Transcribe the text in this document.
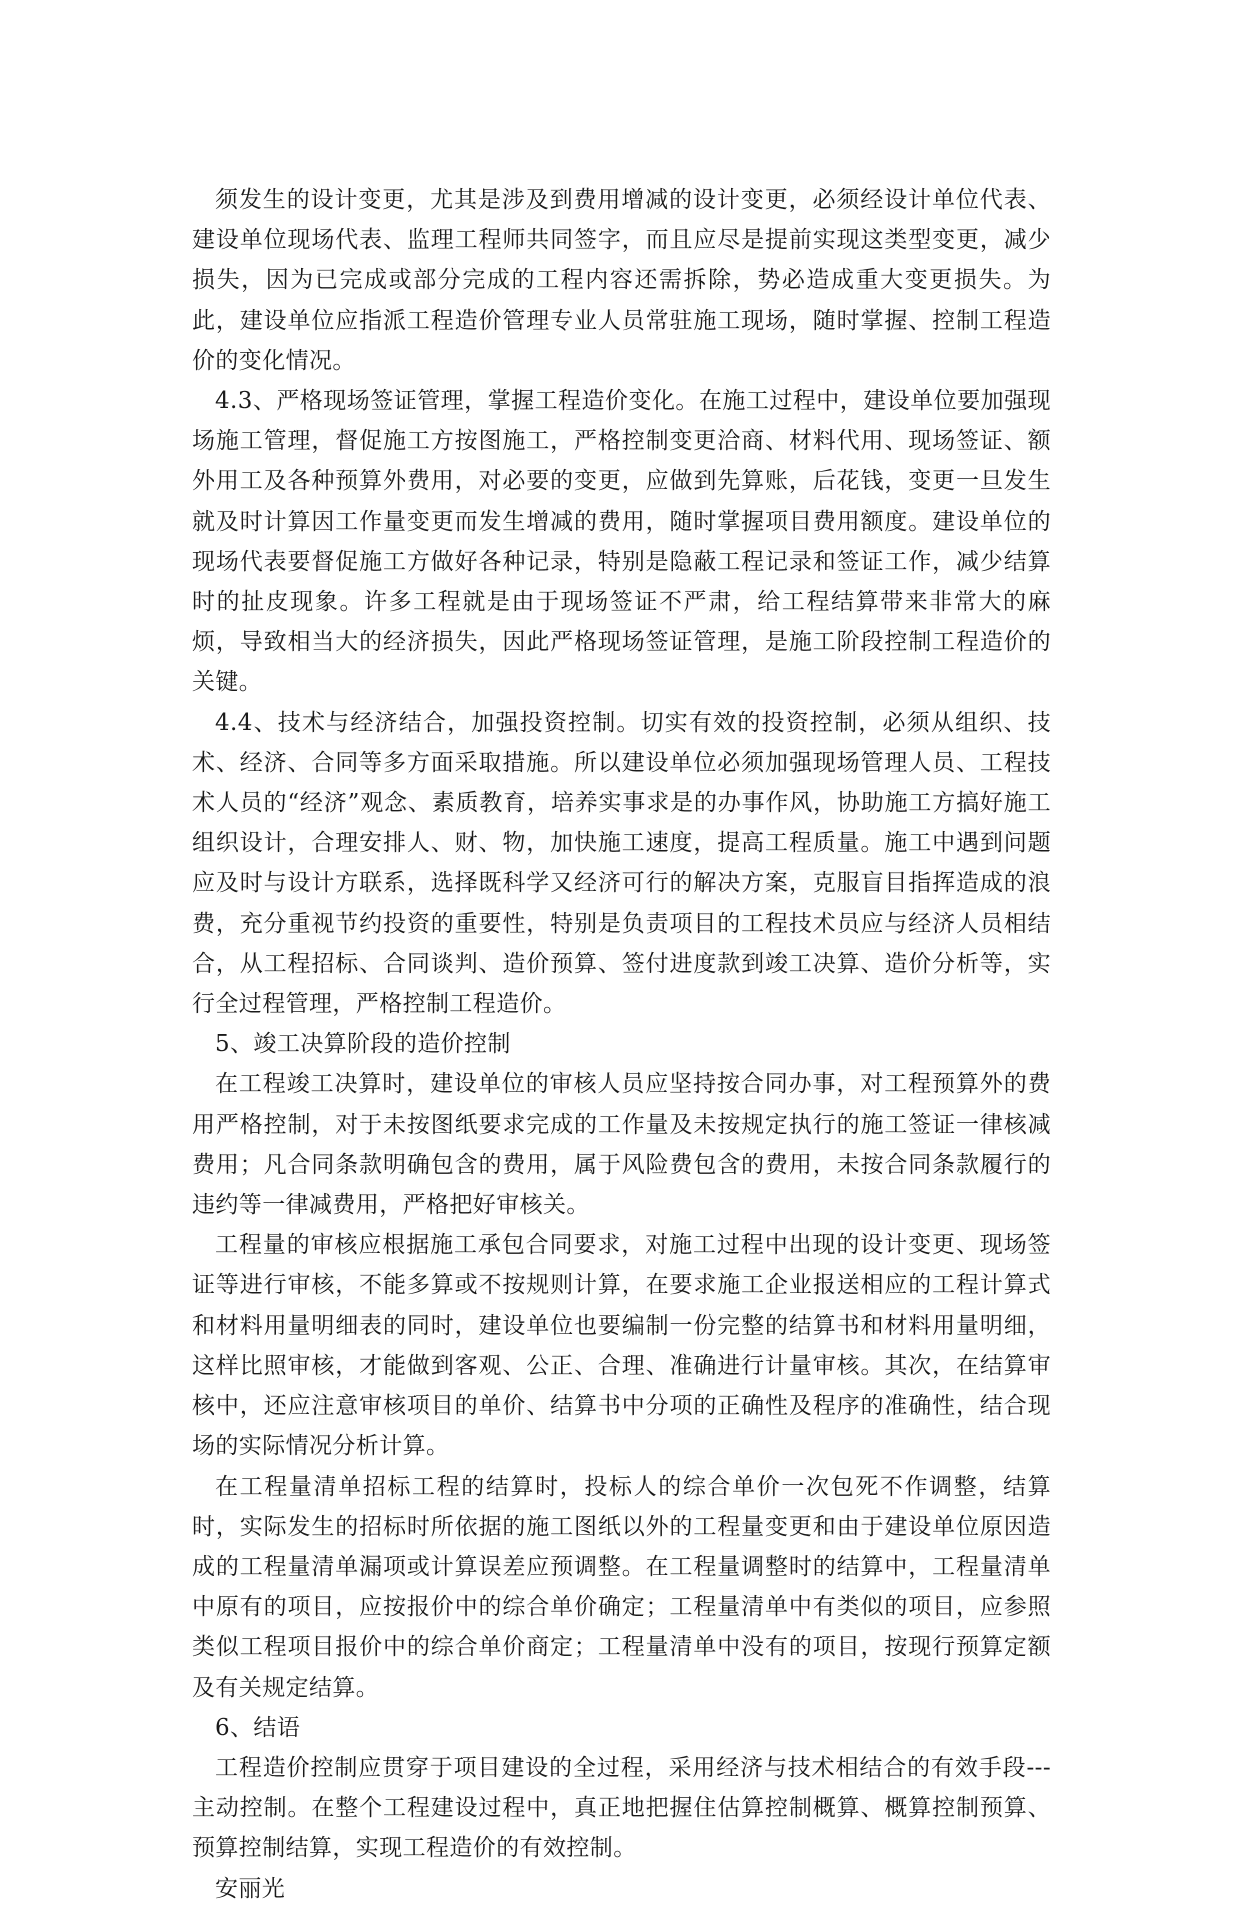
须发生的设计变更，尤其是涉及到费用增减的设计变更，必须经设计单位代表、建设单位现场代表、监理工程师共同签字，而且应尽是提前实现这类型变更，减少损失，因为已完成或部分完成的工程内容还需拆除，势必造成重大变更损失。为此，建设单位应指派工程造价管理专业人员常驻施工现场，随时掌握、控制工程造价的变化情况。

4.3、严格现场签证管理，掌握工程造价变化。在施工过程中，建设单位要加强现场施工管理，督促施工方按图施工，严格控制变更洽商、材料代用、现场签证、额外用工及各种预算外费用，对必要的变更，应做到先算账，后花钱，变更一旦发生就及时计算因工作量变更而发生增减的费用，随时掌握项目费用额度。建设单位的现场代表要督促施工方做好各种记录，特别是隐蔽工程记录和签证工作，减少结算时的扯皮现象。许多工程就是由于现场签证不严肃，给工程结算带来非常大的麻烦，导致相当大的经济损失，因此严格现场签证管理，是施工阶段控制工程造价的关键。

4.4、技术与经济结合，加强投资控制。切实有效的投资控制，必须从组织、技术、经济、合同等多方面采取措施。所以建设单位必须加强现场管理人员、工程技术人员的“经济”观念、素质教育，培养实事求是的办事作风，协助施工方搞好施工组织设计，合理安排人、财、物，加快施工速度，提高工程质量。施工中遇到问题应及时与设计方联系，选择既科学又经济可行的解决方案，克服盲目指挥造成的浪费，充分重视节约投资的重要性，特别是负责项目的工程技术员应与经济人员相结合，从工程招标、合同谈判、造价预算、签付进度款到竣工决算、造价分析等，实行全过程管理，严格控制工程造价。

5、竣工决算阶段的造价控制

在工程竣工决算时，建设单位的审核人员应坚持按合同办事，对工程预算外的费用严格控制，对于未按图纸要求完成的工作量及未按规定执行的施工签证一律核减费用；凡合同条款明确包含的费用，属于风险费包含的费用，未按合同条款履行的违约等一律减费用，严格把好审核关。

工程量的审核应根据施工承包合同要求，对施工过程中出现的设计变更、现场签证等进行审核，不能多算或不按规则计算，在要求施工企业报送相应的工程计算式和材料用量明细表的同时，建设单位也要编制一份完整的结算书和材料用量明细，这样比照审核，才能做到客观、公正、合理、准确进行计量审核。其次，在结算审核中，还应注意审核项目的单价、结算书中分项的正确性及程序的准确性，结合现场的实际情况分析计算。

在工程量清单招标工程的结算时，投标人的综合单价一次包死不作调整，结算时，实际发生的招标时所依据的施工图纸以外的工程量变更和由于建设单位原因造成的工程量清单漏项或计算误差应预调整。在工程量调整时的结算中，工程量清单中原有的项目，应按报价中的综合单价确定；工程量清单中有类似的项目，应参照类似工程项目报价中的综合单价商定；工程量清单中没有的项目，按现行预算定额及有关规定结算。

6、结语

工程造价控制应贯穿于项目建设的全过程，采用经济与技术相结合的有效手段---主动控制。在整个工程建设过程中，真正地把握住估算控制概算、概算控制预算、预算控制结算，实现工程造价的有效控制。

安丽光
